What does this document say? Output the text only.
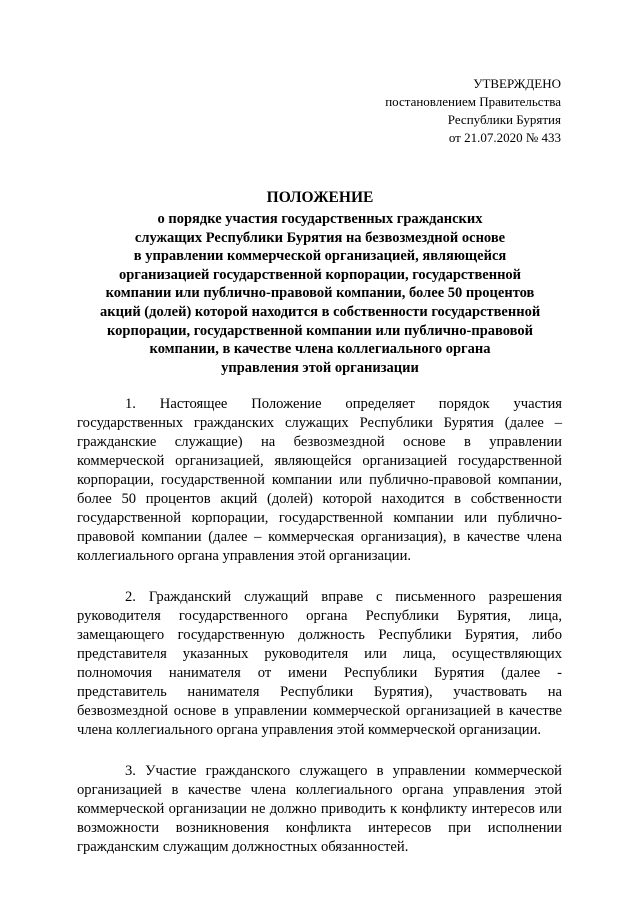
УТВЕРЖДЕНО
постановлением Правительства
Республики Бурятия
от 21.07.2020 № 433
ПОЛОЖЕНИЕ
о порядке участия государственных гражданских
служащих Республики Бурятия на безвозмездной основе
в управлении коммерческой организацией, являющейся
организацией государственной корпорации, государственной
компании или публично-правовой компании, более 50 процентов
акций (долей) которой находится в собственности государственной
корпорации, государственной компании или публично-правовой
компании, в качестве члена коллегиального органа
управления этой организации

1. Настоящее Положение определяет порядок участия государственных гражданских служащих Республики Бурятия (далее – гражданские служащие) на безвозмездной основе в управлении коммерческой организацией, являющейся организацией государственной корпорации, государственной компании или публично-правовой компании, более 50 процентов акций (долей) которой находится в собственности государственной корпорации, государственной компании или публично-правовой компании (далее – коммерческая организация), в качестве члена коллегиального органа управления этой организации.

2. Гражданский служащий вправе с письменного разрешения руководителя государственного органа Республики Бурятия, лица, замещающего государственную должность Республики Бурятия, либо представителя указанных руководителя или лица, осуществляющих полномочия нанимателя от имени Республики Бурятия (далее - представитель нанимателя Республики Бурятия), участвовать на безвозмездной основе в управлении коммерческой организацией в качестве члена коллегиального органа управления этой коммерческой организации.

3. Участие гражданского служащего в управлении коммерческой организацией в качестве члена коллегиального органа управления этой коммерческой организации не должно приводить к конфликту интересов или возможности возникновения конфликта интересов при исполнении гражданским служащим должностных обязанностей.
